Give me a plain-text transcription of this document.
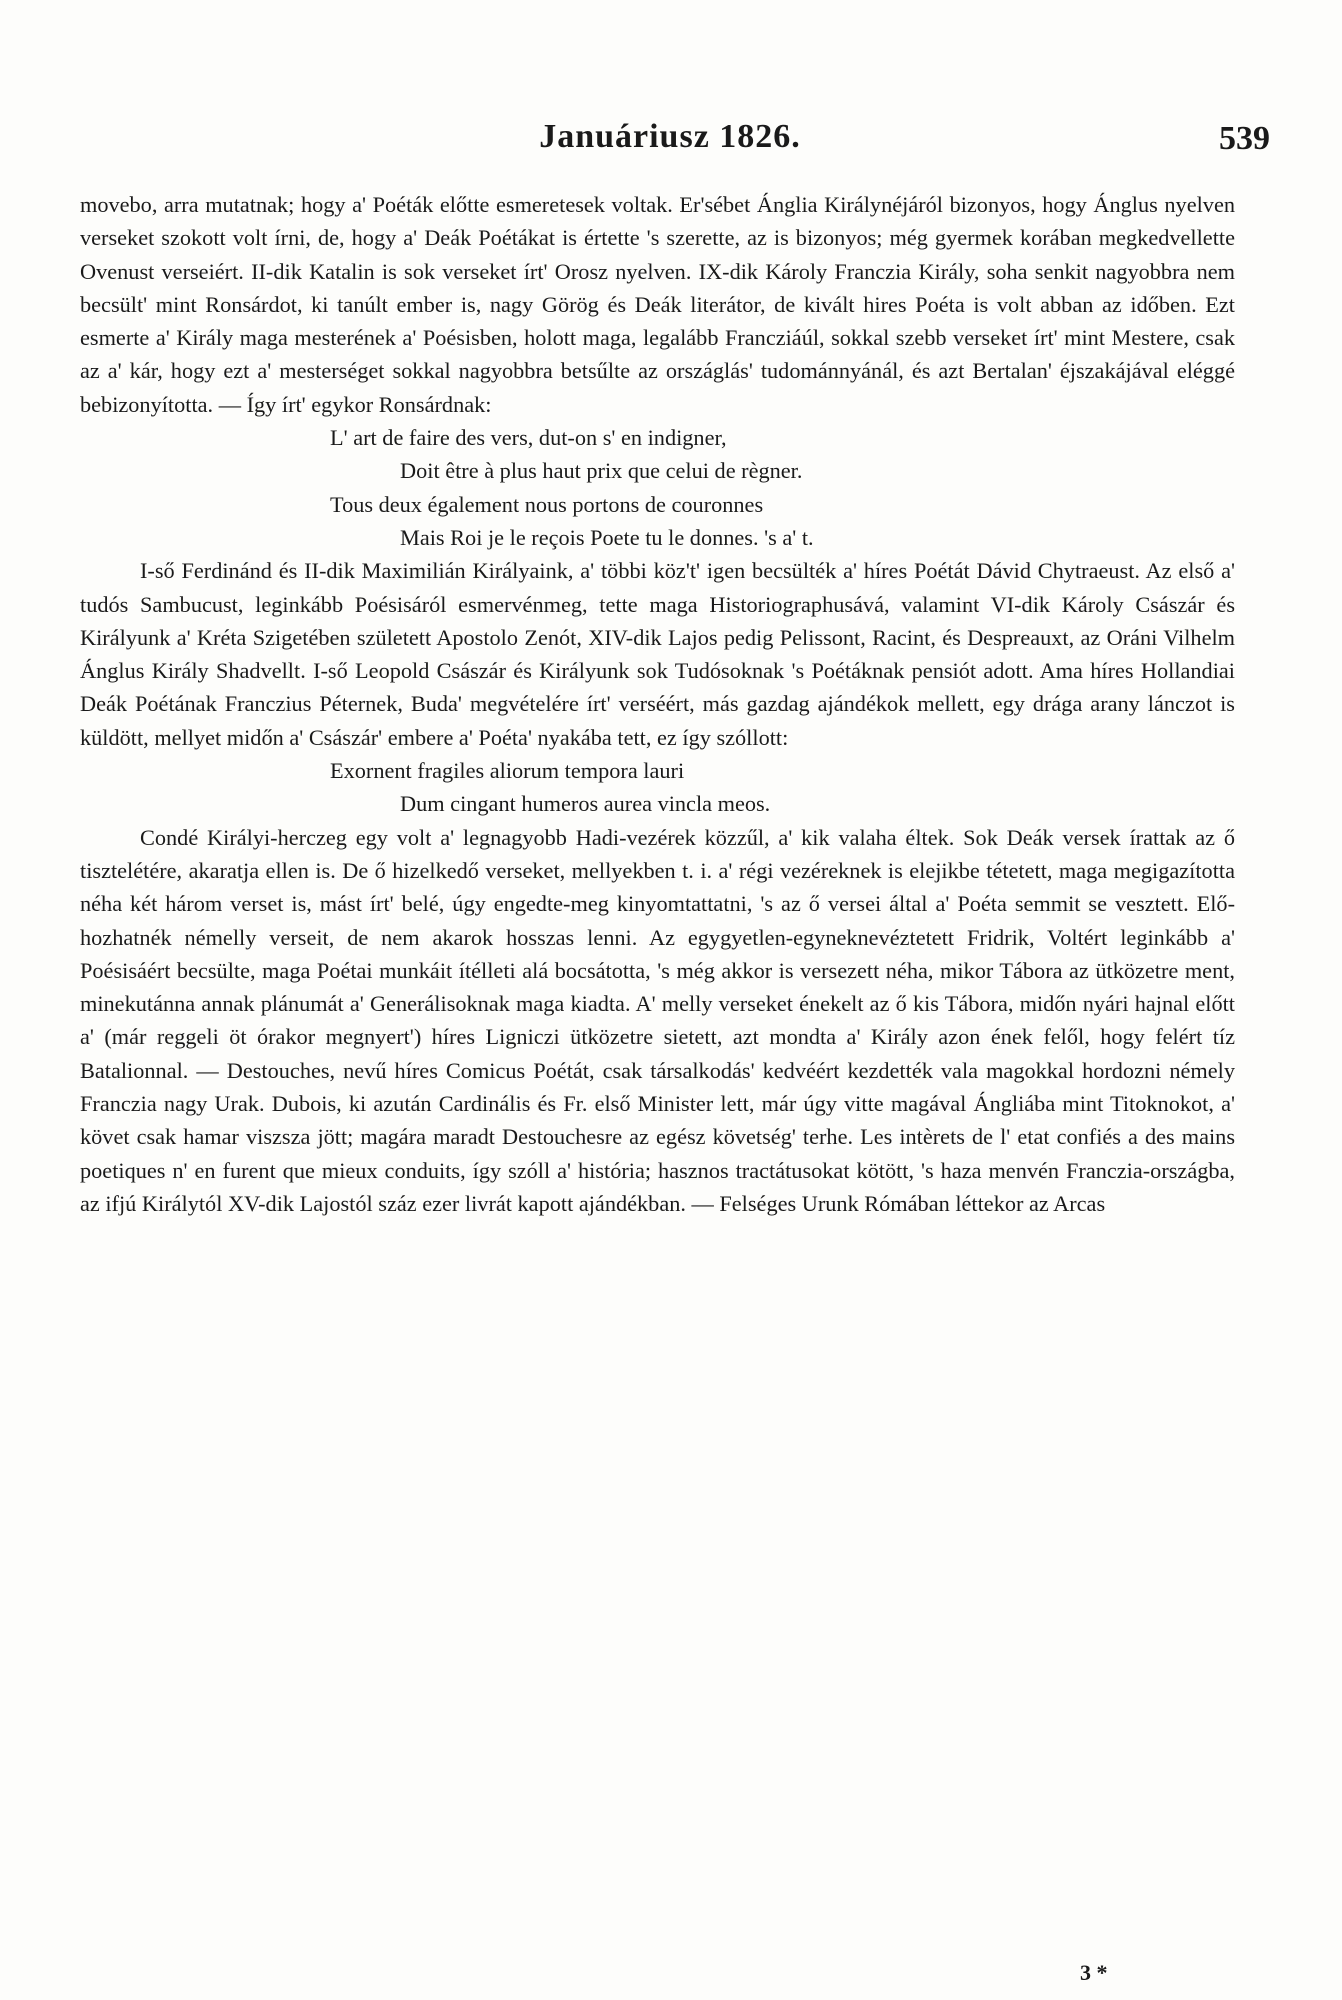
Januáriusz 1826.	539

movebo, arra mutatnak; hogy a' Poéták előtte esmeretesek voltak. Er'sébet Ánglia Királynéjáról bizonyos, hogy Ánglus nyelven verseket szokott volt írni, de, hogy a' Deák Poétákat is értette 's szerette, az is bizonyos; még gyermek korában megkedvellette Ovenust verseiért. II-dik Katalin is sok verseket írt' Orosz nyelven. IX-dik Károly Franczia Király, soha senkit nagyobbra nem becsült' mint Ronsárdot, ki tanúlt ember is, nagy Görög és Deák literátor, de kivált hires Poéta is volt abban az időben. Ezt esmerte a' Király maga mesterének a' Poésisben, holott maga, legalább Francziáúl, sokkal szebb verseket írt' mint Mestere, csak az a' kár, hogy ezt a' mesterséget sokkal nagyobbra betsűlte az országlás' tudománnyánál, és azt Bertalan' éjszakájával eléggé bebizonyította. — Így írt' egykor Ronsárdnak:

L' art de faire des vers, dut-on s' en indigner,
Doit être à plus haut prix que celui de règner.
Tous deux également nous portons de couronnes
Mais Roi je le reçois Poete tu le donnes. 's a' t.

I-ső Ferdinánd és II-dik Maximilián Királyaink, a' többi köz't' igen becsülték a' híres Poétát Dávid Chytraeust. Az első a' tudós Sambucust, leginkább Poésisáról esmervénmeg, tette maga Historiographusává, valamint VI-dik Károly Császár és Királyunk a' Kréta Szigetében született Apostolo Zenót, XIV-dik Lajos pedig Pelissont, Racint, és Despreauxt, az Oráni Vilhelm Ánglus Király Shadvellt. I-ső Leopold Császár és Királyunk sok Tudósoknak 's Poétáknak pensiót adott. Ama híres Hollandiai Deák Poétának Franczius Péternek, Buda' megvételére írt' verséért, más gazdag ajándékok mellett, egy drága arany lánczot is küldött, mellyet midőn a' Császár' embere a' Poéta' nyakába tett, ez így szóllott:

Exornent fragiles aliorum tempora lauri
Dum cingant humeros aurea vincla meos.

Condé Királyi-herczeg egy volt a' legnagyobb Hadi-vezérek közzűl, a' kik valaha éltek. Sok Deák versek írattak az ő tisztelétére, akaratja ellen is. De ő hizelkedő verseket, mellyekben t. i. a' régi vezéreknek is elejikbe tétetett, maga megigazította néha két három verset is, mást írt' belé, úgy engedte-meg kinyomtattatni, 's az ő versei által a' Poéta semmit se vesztett. Elő-hozhatnék némelly verseit, de nem akarok hosszas lenni. Az egygyetlen-egyneknevéztetett Fridrik, Voltért leginkább a' Poésisáért becsülte, maga Poétai munkáit ítélleti alá bocsátotta, 's még akkor is versezett néha, mikor Tábora az ütközetre ment, minekutánna annak plánumát a' Generálisoknak maga kiadta. A' melly verseket énekelt az ő kis Tábora, midőn nyári hajnal előtt a' (már reggeli öt órakor megnyert') híres Ligniczi ütközetre sietett, azt mondta a' Király azon ének felől, hogy felért tíz Batalionnal. — Destouches, nevű híres Comicus Poétát, csak társalkodás' kedvéért kezdették vala magokkal hordozni némely Franczia nagy Urak. Dubois, ki azután Cardinális és Fr. első Minister lett, már úgy vitte magával Ángliába mint Titoknokot, a' követ csak hamar viszsza jött; magára maradt Destouchesre az egész követség' terhe. Les intèrets de l' etat confiés a des mains poetiques n' en furent que mieux conduits, így szóll a' história; hasznos tractátusokat kötött, 's haza menvén Franczia-országba, az ifjú Királytól XV-dik Lajostól száz ezer livrát kapott ajándékban. — Felséges Urunk Rómában léttekor az Arcas

3 *
